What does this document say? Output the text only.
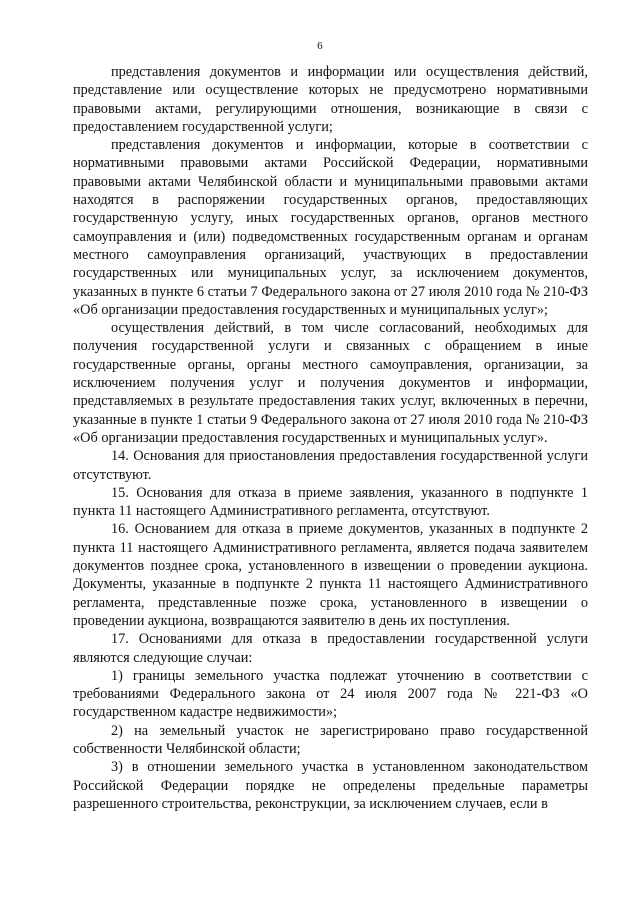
6

представления документов и информации или осуществления действий, представление или осуществление которых не предусмотрено нормативными правовыми актами, регулирующими отношения, возникающие в связи с предоставлением государственной услуги;

представления документов и информации, которые в соответствии с нормативными правовыми актами Российской Федерации, нормативными правовыми актами Челябинской области и муниципальными правовыми актами находятся в распоряжении государственных органов, предоставляющих государственную услугу, иных государственных органов, органов местного самоуправления и (или) подведомственных государственным органам и органам местного самоуправления организаций, участвующих в предоставлении государственных или муниципальных услуг, за исключением документов, указанных в пункте 6 статьи 7 Федерального закона от 27 июля 2010 года № 210-ФЗ «Об организации предоставления государственных и муниципальных услуг»;

осуществления действий, в том числе согласований, необходимых для получения государственной услуги и связанных с обращением в иные государственные органы, органы местного самоуправления, организации, за исключением получения услуг и получения документов и информации, представляемых в результате предоставления таких услуг, включенных в перечни, указанные в пункте 1 статьи 9 Федерального закона от 27 июля 2010 года № 210-ФЗ «Об организации предоставления государственных и муниципальных услуг».

14. Основания для приостановления предоставления государственной услуги отсутствуют.

15. Основания для отказа в приеме заявления, указанного в подпункте 1 пункта 11 настоящего Административного регламента, отсутствуют.

16. Основанием для отказа в приеме документов, указанных в подпункте 2 пункта 11 настоящего Административного регламента, является подача заявителем документов позднее срока, установленного в извещении о проведении аукциона. Документы, указанные в подпункте 2 пункта 11 настоящего Административного регламента, представленные позже срока, установленного в извещении о проведении аукциона, возвращаются заявителю в день их поступления.

17. Основаниями для отказа в предоставлении государственной услуги являются следующие случаи:

1) границы земельного участка подлежат уточнению в соответствии с требованиями Федерального закона от 24 июля 2007 года № 221-ФЗ «О государственном кадастре недвижимости»;

2) на земельный участок не зарегистрировано право государственной собственности Челябинской области;

3) в отношении земельного участка в установленном законодательством Российской Федерации порядке не определены предельные параметры разрешенного строительства, реконструкции, за исключением случаев, если в
